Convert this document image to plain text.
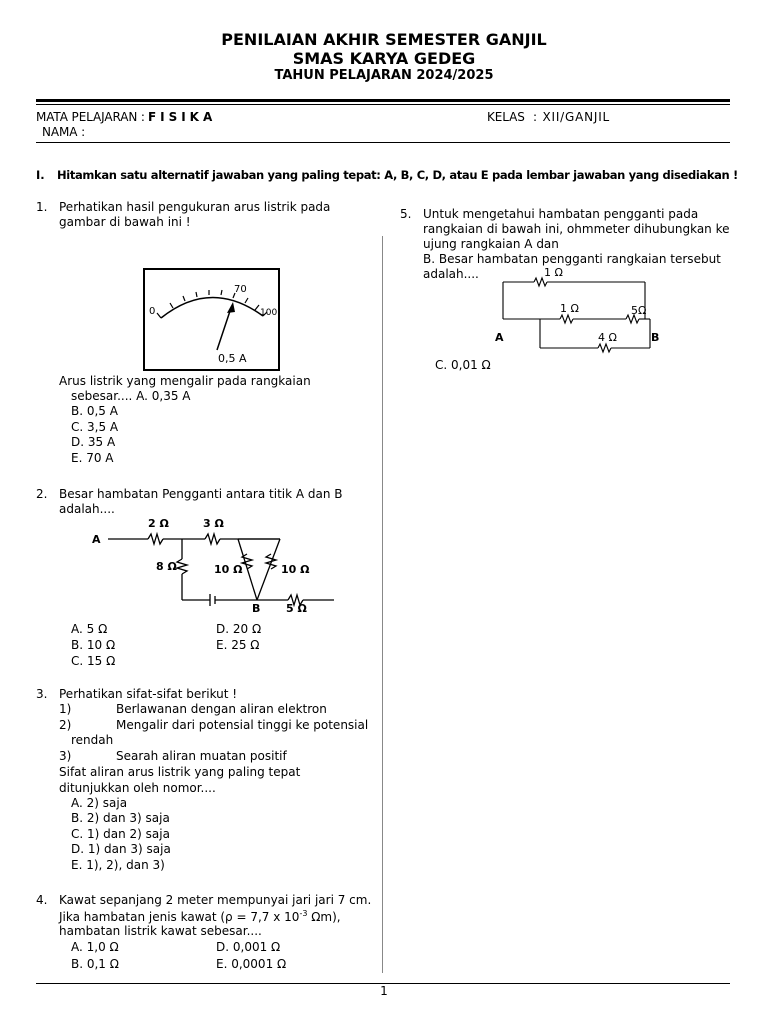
PENILAIAN AKHIR SEMESTER GANJIL
SMAS KARYA GEDEG
TAHUN PELAJARAN 2024/2025
MATA PELAJARAN : F I S I K A	KELAS : XII/GANJIL
NAMA :
I. Hitamkan satu alternatif jawaban yang paling tepat: A, B, C, D, atau E pada lembar jawaban yang disediakan !
1. Perhatikan hasil pengukuran arus listrik pada
gambar di bawah ini !
0
70
100
0,5 A
Arus listrik yang mengalir pada rangkaian
sebesar.... A. 0,35 A
B. 0,5 A
C. 3,5 A
D. 35 A
E. 70 A
2. Besar hambatan Pengganti antara titik A dan B
adalah....
A
2 Ω	3 Ω
8 Ω	10 Ω	10 Ω
B 5 Ω
A. 5 Ω	D. 20 Ω
B. 10 Ω	E. 25 Ω
C. 15 Ω
3. Perhatikan sifat-sifat berikut !
1)	Berlawanan dengan aliran elektron
2)	Mengalir dari potensial tinggi ke potensial
rendah
3)	Searah aliran muatan positif
Sifat aliran arus listrik yang paling tepat
ditunjukkan oleh nomor....
A. 2) saja
B. 2) dan 3) saja
C. 1) dan 2) saja
D. 1) dan 3) saja
E. 1), 2), dan 3)
4. Kawat sepanjang 2 meter mempunyai jari jari 7 cm.
Jika hambatan jenis kawat (ρ = 7,7 x $10^{-3}$ Ωm),
hambatan listrik kawat sebesar....
A. 1,0 Ω	D. 0,001 Ω
B. 0,1 Ω	E. 0,0001 Ω
5. Untuk mengetahui hambatan pengganti pada
rangkaian di bawah ini, ohmmeter dihubungkan ke
ujung rangkaian A dan
B. Besar hambatan pengganti rangkaian tersebut
adalah....	1 Ω
1 Ω	5Ω
4 Ω
A	B
C. 0,01 Ω
1
